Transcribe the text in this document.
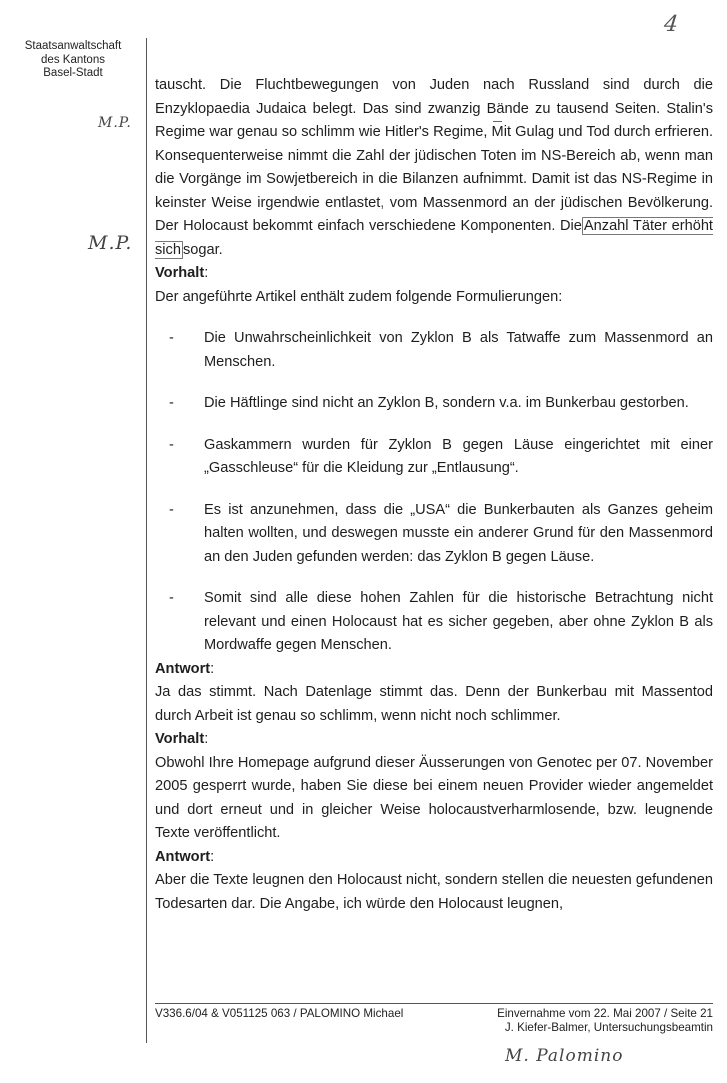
4
Staatsanwaltschaft
des Kantons
Basel-Stadt
M.P.
M.P.

tauscht. Die Fluchtbewegungen von Juden nach Russland sind durch die Enzyklopaedia Judaica belegt. Das sind zwanzig Bände zu tausend Seiten. Stalin's Regime war genau so schlimm wie Hitler's Regime, Mit Gulag und Tod durch erfrieren. Konsequenterweise nimmt die Zahl der jüdischen Toten im NS-Bereich ab, wenn man die Vorgänge im Sowjetbereich in die Bilanzen aufnimmt. Damit ist das NS-Regime in keinster Weise irgendwie entlastet, vom Massenmord an der jüdischen Bevölkerung. Der Holocaust bekommt einfach verschiedene Komponenten. Die Anzahl Täter erhöht sich sogar.

Vorhalt:

Der angeführte Artikel enthält zudem folgende Formulierungen:

- Die Unwahrscheinlichkeit von Zyklon B als Tatwaffe zum Massenmord an Menschen.
- Die Häftlinge sind nicht an Zyklon B, sondern v.a. im Bunkerbau gestorben.
- Gaskammern wurden für Zyklon B gegen Läuse eingerichtet mit einer „Gasschleuse“ für die Kleidung zur „Entlausung“.
- Es ist anzunehmen, dass die „USA“ die Bunkerbauten als Ganzes geheim halten wollten, und deswegen musste ein anderer Grund für den Massenmord an den Juden gefunden werden: das Zyklon B gegen Läuse.
- Somit sind alle diese hohen Zahlen für die historische Betrachtung nicht relevant und einen Holocaust hat es sicher gegeben, aber ohne Zyklon B als Mordwaffe gegen Menschen.

Antwort:

Ja das stimmt. Nach Datenlage stimmt das. Denn der Bunkerbau mit Massentod durch Arbeit ist genau so schlimm, wenn nicht noch schlimmer.

Vorhalt:

Obwohl Ihre Homepage aufgrund dieser Äusserungen von Genotec per 07. November 2005 gesperrt wurde, haben Sie diese bei einem neuen Provider wieder angemeldet und dort erneut und in gleicher Weise holocaustverharmlosende, bzw. leugnende Texte veröffentlicht.

Antwort:

Aber die Texte leugnen den Holocaust nicht, sondern stellen die neuesten gefundenen Todesarten dar. Die Angabe, ich würde den Holocaust leugnen,

V336.6/04 & V051125 063 / PALOMINO Michael	Einvernahme vom 22. Mai 2007 / Seite 21
J. Kiefer-Balmer, Untersuchungsbeamtin
M. Palomino
